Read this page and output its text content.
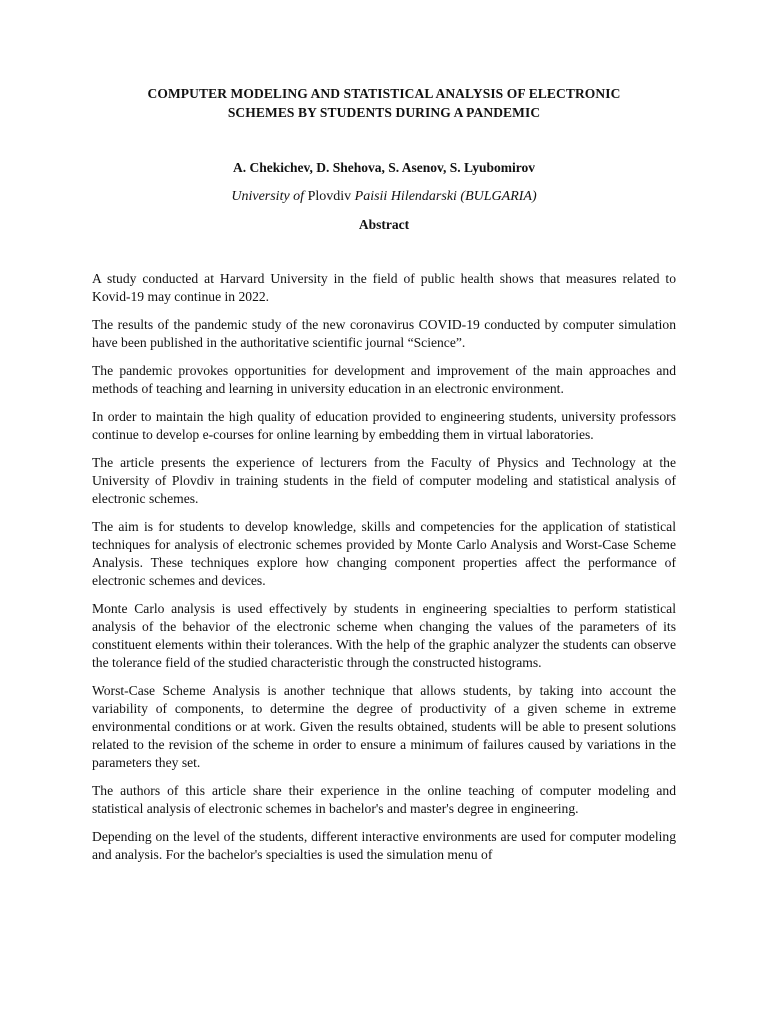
COMPUTER MODELING AND STATISTICAL ANALYSIS OF ELECTRONIC
SCHEMES BY STUDENTS DURING A PANDEMIC
A. Chekichev, D. Shehova, S. Asenov, S. Lyubomirov
University of Plovdiv Paisii Hilendarski (BULGARIA)
Abstract

A study conducted at Harvard University in the field of public health shows that measures related to Kovid-19 may continue in 2022.

The results of the pandemic study of the new coronavirus COVID-19 conducted by computer simulation have been published in the authoritative scientific journal “Science”.

The pandemic provokes opportunities for development and improvement of the main approaches and methods of teaching and learning in university education in an electronic environment.

In order to maintain the high quality of education provided to engineering students, university professors continue to develop e-courses for online learning by embedding them in virtual laboratories.

The article presents the experience of lecturers from the Faculty of Physics and Technology at the University of Plovdiv in training students in the field of computer modeling and statistical analysis of electronic schemes.

The aim is for students to develop knowledge, skills and competencies for the application of statistical techniques for analysis of electronic schemes provided by Monte Carlo Analysis and Worst-Case Scheme Analysis. These techniques explore how changing component properties affect the performance of electronic schemes and devices.

Monte Carlo analysis is used effectively by students in engineering specialties to perform statistical analysis of the behavior of the electronic scheme when changing the values of the parameters of its constituent elements within their tolerances. With the help of the graphic analyzer the students can observe the tolerance field of the studied characteristic through the constructed histograms.

Worst-Case Scheme Analysis is another technique that allows students, by taking into account the variability of components, to determine the degree of productivity of a given scheme in extreme environmental conditions or at work. Given the results obtained, students will be able to present solutions related to the revision of the scheme in order to ensure a minimum of failures caused by variations in the parameters they set.

The authors of this article share their experience in the online teaching of computer modeling and statistical analysis of electronic schemes in bachelor's and master's degree in engineering.

Depending on the level of the students, different interactive environments are used for computer modeling and analysis. For the bachelor's specialties is used the simulation menu of
